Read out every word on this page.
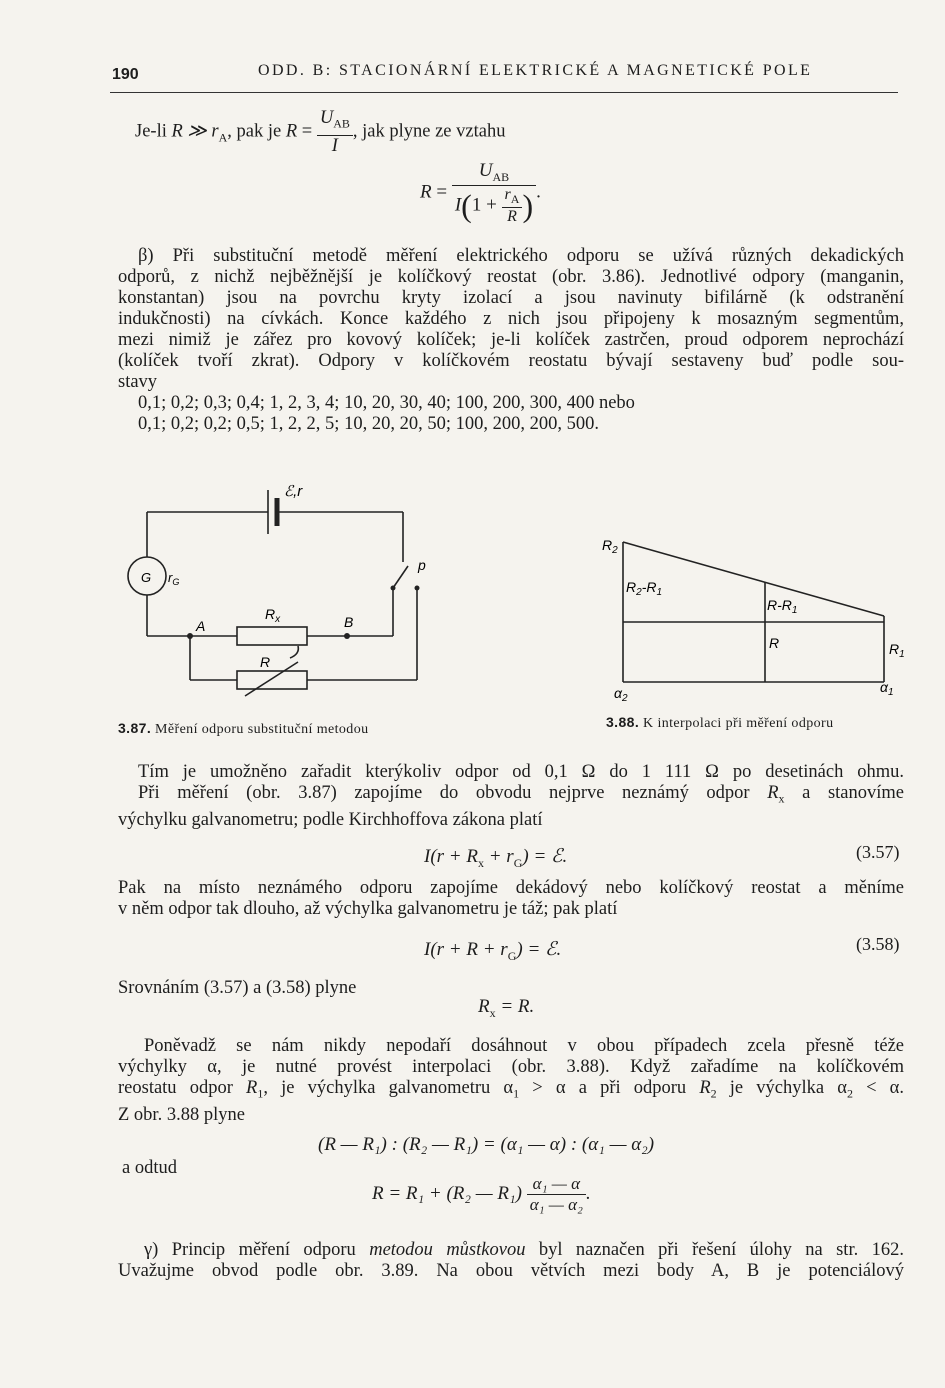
190	ODD. B: STACIONÁRNÍ ELEKTRICKÉ A MAGNETICKÉ POLE
Je-li R ≫ $r_A$, pak je $R = \frac{U_{AB}}{I}$ , jak plyne ze vztahu
$R = \frac{U_{AB}}{I(1 + \frac{r_A}{R} )}$ .
β) Při substituční metodě měření elektrického odporu se užívá různých dekadických
odporů, z nichž nejběžnější je kolíčkový reostat (obr. 3.86). Jednotlivé odpory (manganin,
konstantan) jsou na povrchu kryty izolací a jsou navinuty bifilárně (k odstranění
indukčnosti) na cívkách. Konce každého z nich jsou připojeny k mosazným segmentům,
mezi nimiž je zářez pro kovový kolíček; je-li kolíček zastrčen, proud odporem neprochází
(kolíček tvoří zkrat). Odpory v kolíčkovém reostatu bývají sestaveny buď podle sou-
stavy
0,1; 0,2; 0,3; 0,4; 1, 2, 3, 4; 10, 20, 30, 40; 100, 200, 300, 400 nebo
0,1; 0,2; 0,2; 0,5; 1, 2, 2, 5; 10, 20, 20, 50; 100, 200, 200, 500.
ℰ,r
G $r_G$
p
$R_x$
A	B
R
3.87. Měření odporu substituční metodou
$R_2$
$R_2-R_1$
$R-R_1$
R	$R_1$
$\alpha_2$
$\alpha_1$
3.88. K interpolaci při měření odporu
Tím je umožněno zařadit kterýkoliv odpor od 0,1 Ω do 1 111 Ω po desetinách ohmu.
Při měření (obr. 3.87) zapojíme do obvodu nejprve neznámý odpor $R_x$ a stanovíme
výchylku galvanometru; podle Kirchhoffova zákona platí
$I(r + R_x + r_G)$ = ℰ.	(3.57)
Pak na místo neznámého odporu zapojíme dekádový nebo kolíčkový reostat a měníme
v něm odpor tak dlouho, až výchylka galvanometru je táž; pak platí
$I(r + R + r_G)$ = ℰ.	(3.58)
Srovnáním (3.57) a (3.58) plyne
$R_x = R$.
Poněvadž se nám nikdy nepodaří dosáhnout v obou případech zcela přesně téže
výchylky α, je nutné provést interpolaci (obr. 3.88). Když zařadíme na kolíčkovém
reostatu odpor $R_1$, je výchylka galvanometru $\alpha_1 > \alpha$ a při odporu $R_2$ je výchylka $\alpha_2 < \alpha$.
Z obr. 3.88 plyne
(R — R₁) : (R₂ — R₁) = (α₁ — α) : (α₁ — α₂)
a odtud
R = R₁ + (R₂ — $R_1) \frac{\text{α₁ — α}}{\text{α₁ — α₂}}$ .
γ) Princip měření odporu metodou můstkovou byl naznačen při řešení úlohy na str. 162.
Uvažujme obvod podle obr. 3.89. Na obou větvích mezi body A, B je potenciálový
